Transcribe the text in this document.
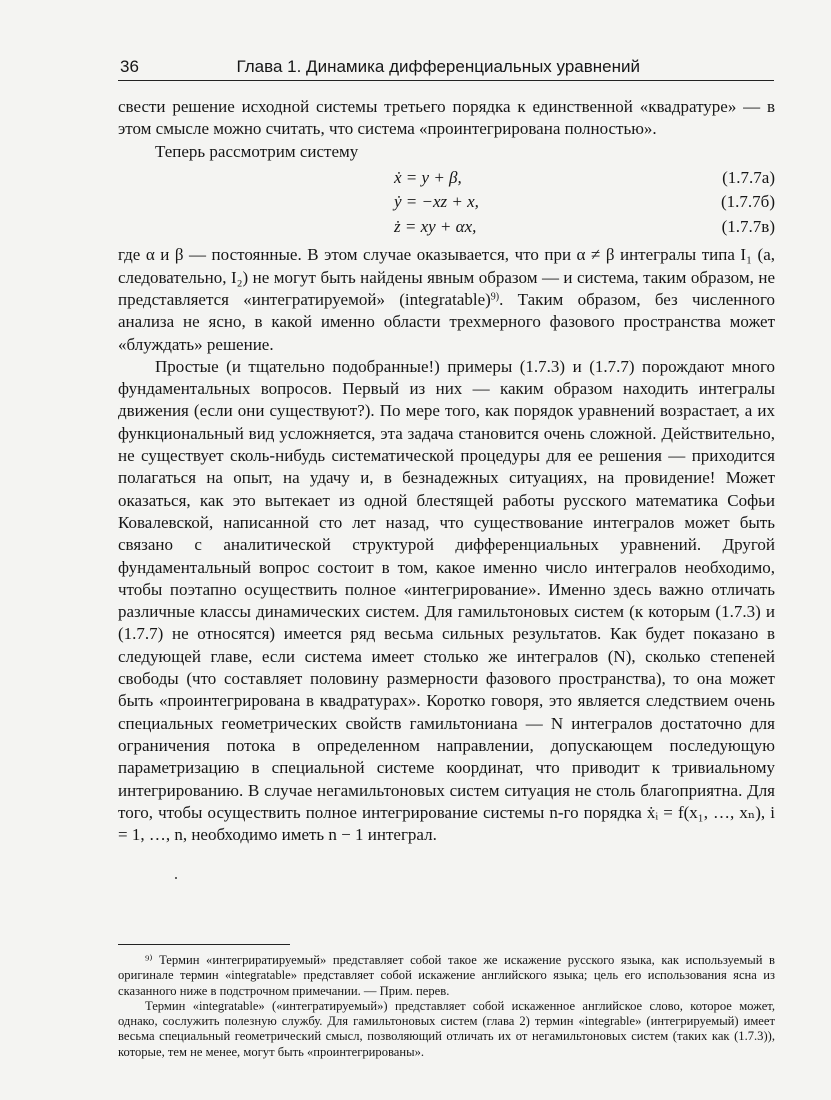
36	Глава 1. Динамика дифференциальных уравнений

свести решение исходной системы третьего порядка к единственной «квадратуре» — в этом смысле можно считать, что система «проинтегрирована полностью».

Теперь рассмотрим систему

ẋ = y + β,	(1.7.7а)
ẏ = −xz + x,	(1.7.7б)
ż = xy + αx,	(1.7.7в)

где α и β — постоянные. В этом случае оказывается, что при α ≠ β интегралы типа I₁ (а, следовательно, I₂) не могут быть найдены явным образом — и система, таким образом, не представляется «интегратируемой» (integratable)$^{9)}$. Таким образом, без численного анализа не ясно, в какой именно области трехмерного фазового пространства может «блуждать» решение.

Простые (и тщательно подобранные!) примеры (1.7.3) и (1.7.7) порождают много фундаментальных вопросов. Первый из них — каким образом находить интегралы движения (если они существуют?). По мере того, как порядок уравнений возрастает, а их функциональный вид усложняется, эта задача становится очень сложной. Действительно, не существует сколь-нибудь систематической процедуры для ее решения — приходится полагаться на опыт, на удачу и, в безнадежных ситуациях, на провидение! Может оказаться, как это вытекает из одной блестящей работы русского математика Софьи Ковалевской, написанной сто лет назад, что существование интегралов может быть связано с аналитической структурой дифференциальных уравнений. Другой фундаментальный вопрос состоит в том, какое именно число интегралов необходимо, чтобы поэтапно осуществить полное «интегрирование». Именно здесь важно отличать различные классы динамических систем. Для гамильтоновых систем (к которым (1.7.3) и (1.7.7) не относятся) имеется ряд весьма сильных результатов. Как будет показано в следующей главе, если система имеет столько же интегралов (N), сколько степеней свободы (что составляет половину размерности фазового пространства), то она может быть «проинтегрирована в квадратурах». Коротко говоря, это является следствием очень специальных геометрических свойств гамильтониана — N интегралов достаточно для ограничения потока в определенном направлении, допускающем последующую параметризацию в специальной системе координат, что приводит к тривиальному интегрированию. В случае негамильтоновых систем ситуация не столь благоприятна. Для того, чтобы осуществить полное интегрирование системы n-го порядка ẋᵢ = f(x₁, …, xₙ), i = 1, …, n, необходимо иметь n − 1 интеграл.

⁹⁾ Термин «интегриратируемый» представляет собой такое же искажение русского языка, как используемый в оригинале термин «integratable» представляет собой искажение английского языка; цель его использования ясна из сказанного ниже в подстрочном примечании. — Прим. перев.

Термин «integratable» («интегратируемый») представляет собой искаженное английское слово, которое может, однако, сослужить полезную службу. Для гамильтоновых систем (глава 2) термин «integrable» (интегрируемый) имеет весьма специальный геометрический смысл, позволяющий отличать их от негамильтоновых систем (таких как (1.7.3)), которые, тем не менее, могут быть «проинтегрированы».
